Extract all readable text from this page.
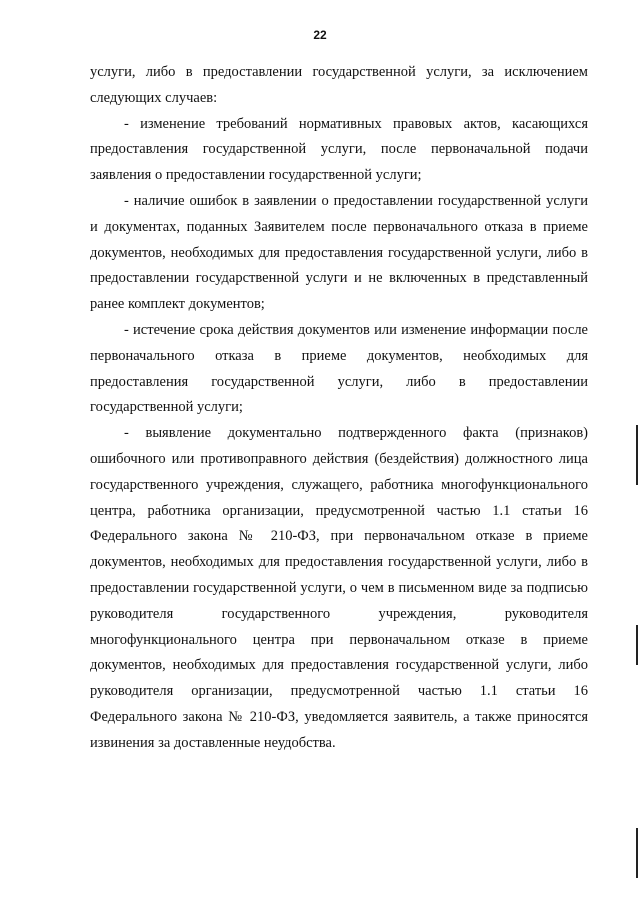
22

услуги, либо в предоставлении государственной услуги, за исключением следующих случаев:

- изменение требований нормативных правовых актов, касающихся предоставления государственной услуги, после первоначальной подачи заявления о предоставлении государственной услуги;

- наличие ошибок в заявлении о предоставлении государственной услуги и документах, поданных Заявителем после первоначального отказа в приеме документов, необходимых для предоставления государственной услуги, либо в предоставлении государственной услуги и не включенных в представленный ранее комплект документов;

- истечение срока действия документов или изменение информации после первоначального отказа в приеме документов, необходимых для предоставления государственной услуги, либо в предоставлении государственной услуги;

- выявление документально подтвержденного факта (признаков) ошибочного или противоправного действия (бездействия) должностного лица государственного учреждения, служащего, работника многофункционального центра, работника организации, предусмотренной частью 1.1 статьи 16 Федерального закона № 210-ФЗ, при первоначальном отказе в приеме документов, необходимых для предоставления государственной услуги, либо в предоставлении государственной услуги, о чем в письменном виде за подписью руководителя государственного учреждения, руководителя многофункционального центра при первоначальном отказе в приеме документов, необходимых для предоставления государственной услуги, либо руководителя организации, предусмотренной частью 1.1 статьи 16 Федерального закона № 210-ФЗ, уведомляется заявитель, а также приносятся извинения за доставленные неудобства.
